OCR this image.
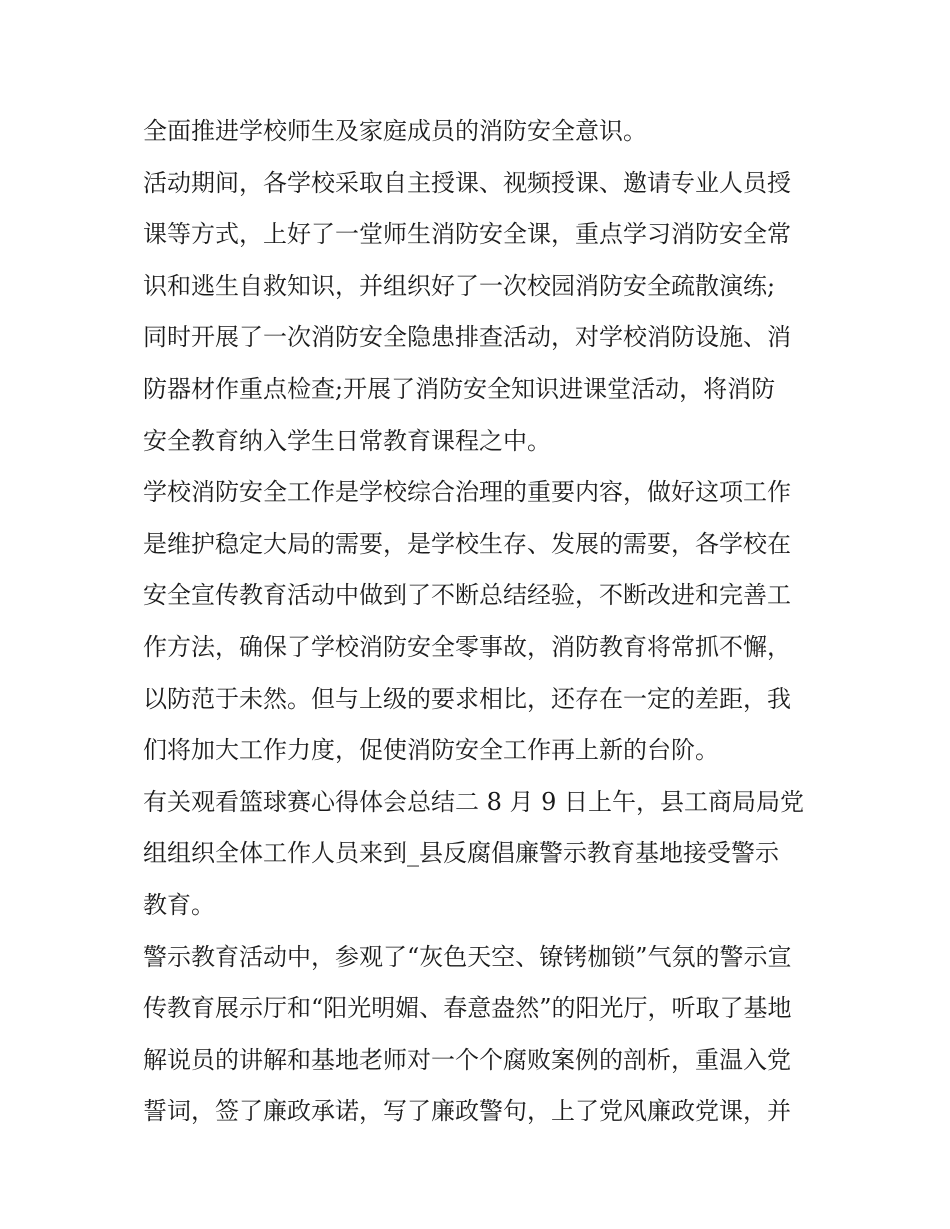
全面推进学校师生及家庭成员的消防安全意识。
活动期间，各学校采取自主授课、视频授课、邀请专业人员授
课等方式，上好了一堂师生消防安全课，重点学习消防安全常
识和逃生自救知识，并组织好了一次校园消防安全疏散演练;
同时开展了一次消防安全隐患排查活动，对学校消防设施、消
防器材作重点检查;开展了消防安全知识进课堂活动，将消防
安全教育纳入学生日常教育课程之中。
学校消防安全工作是学校综合治理的重要内容，做好这项工作
是维护稳定大局的需要，是学校生存、发展的需要，各学校在
安全宣传教育活动中做到了不断总结经验，不断改进和完善工
作方法，确保了学校消防安全零事故，消防教育将常抓不懈，
以防范于未然。但与上级的要求相比，还存在一定的差距，我
们将加大工作力度，促使消防安全工作再上新的台阶。
有关观看篮球赛心得体会总结二 8 月 9 日上午，县工商局局党
组组织全体工作人员来到_县反腐倡廉警示教育基地接受警示
教育。
警示教育活动中，参观了“灰色天空、镣铐枷锁”气氛的警示宣
传教育展示厅和“阳光明媚、春意盎然”的阳光厅，听取了基地
解说员的讲解和基地老师对一个个腐败案例的剖析，重温入党
誓词，签了廉政承诺，写了廉政警句，上了党风廉政党课，并
